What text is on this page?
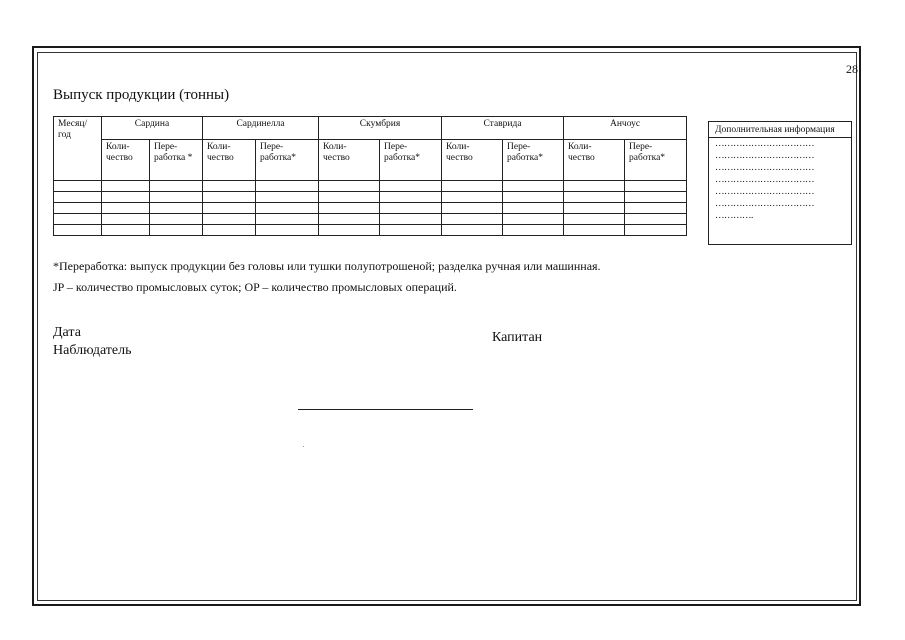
28
Выпуск продукции (тонны)
Месяц/ год	Сардина		Сардинелла		Скумбрия		Ставрида		Анчоус	
	Коли- чество	Пере- работка *	Коли- чество	Пере- работка*	Коли- чество	Пере- работка*	Коли- чество	Пере- работка*	Коли- чество	Пере- работка*

Дополнительная информация
……………………………
……………………………
……………………………
……………………………
……………………………
……………………………
………….
*Переработка: выпуск продукции без головы или тушки полупотрошеной; разделка ручная или машинная.
JP – количество промысловых суток; OP – количество промысловых операций.
Дата
Наблюдатель
Капитан
